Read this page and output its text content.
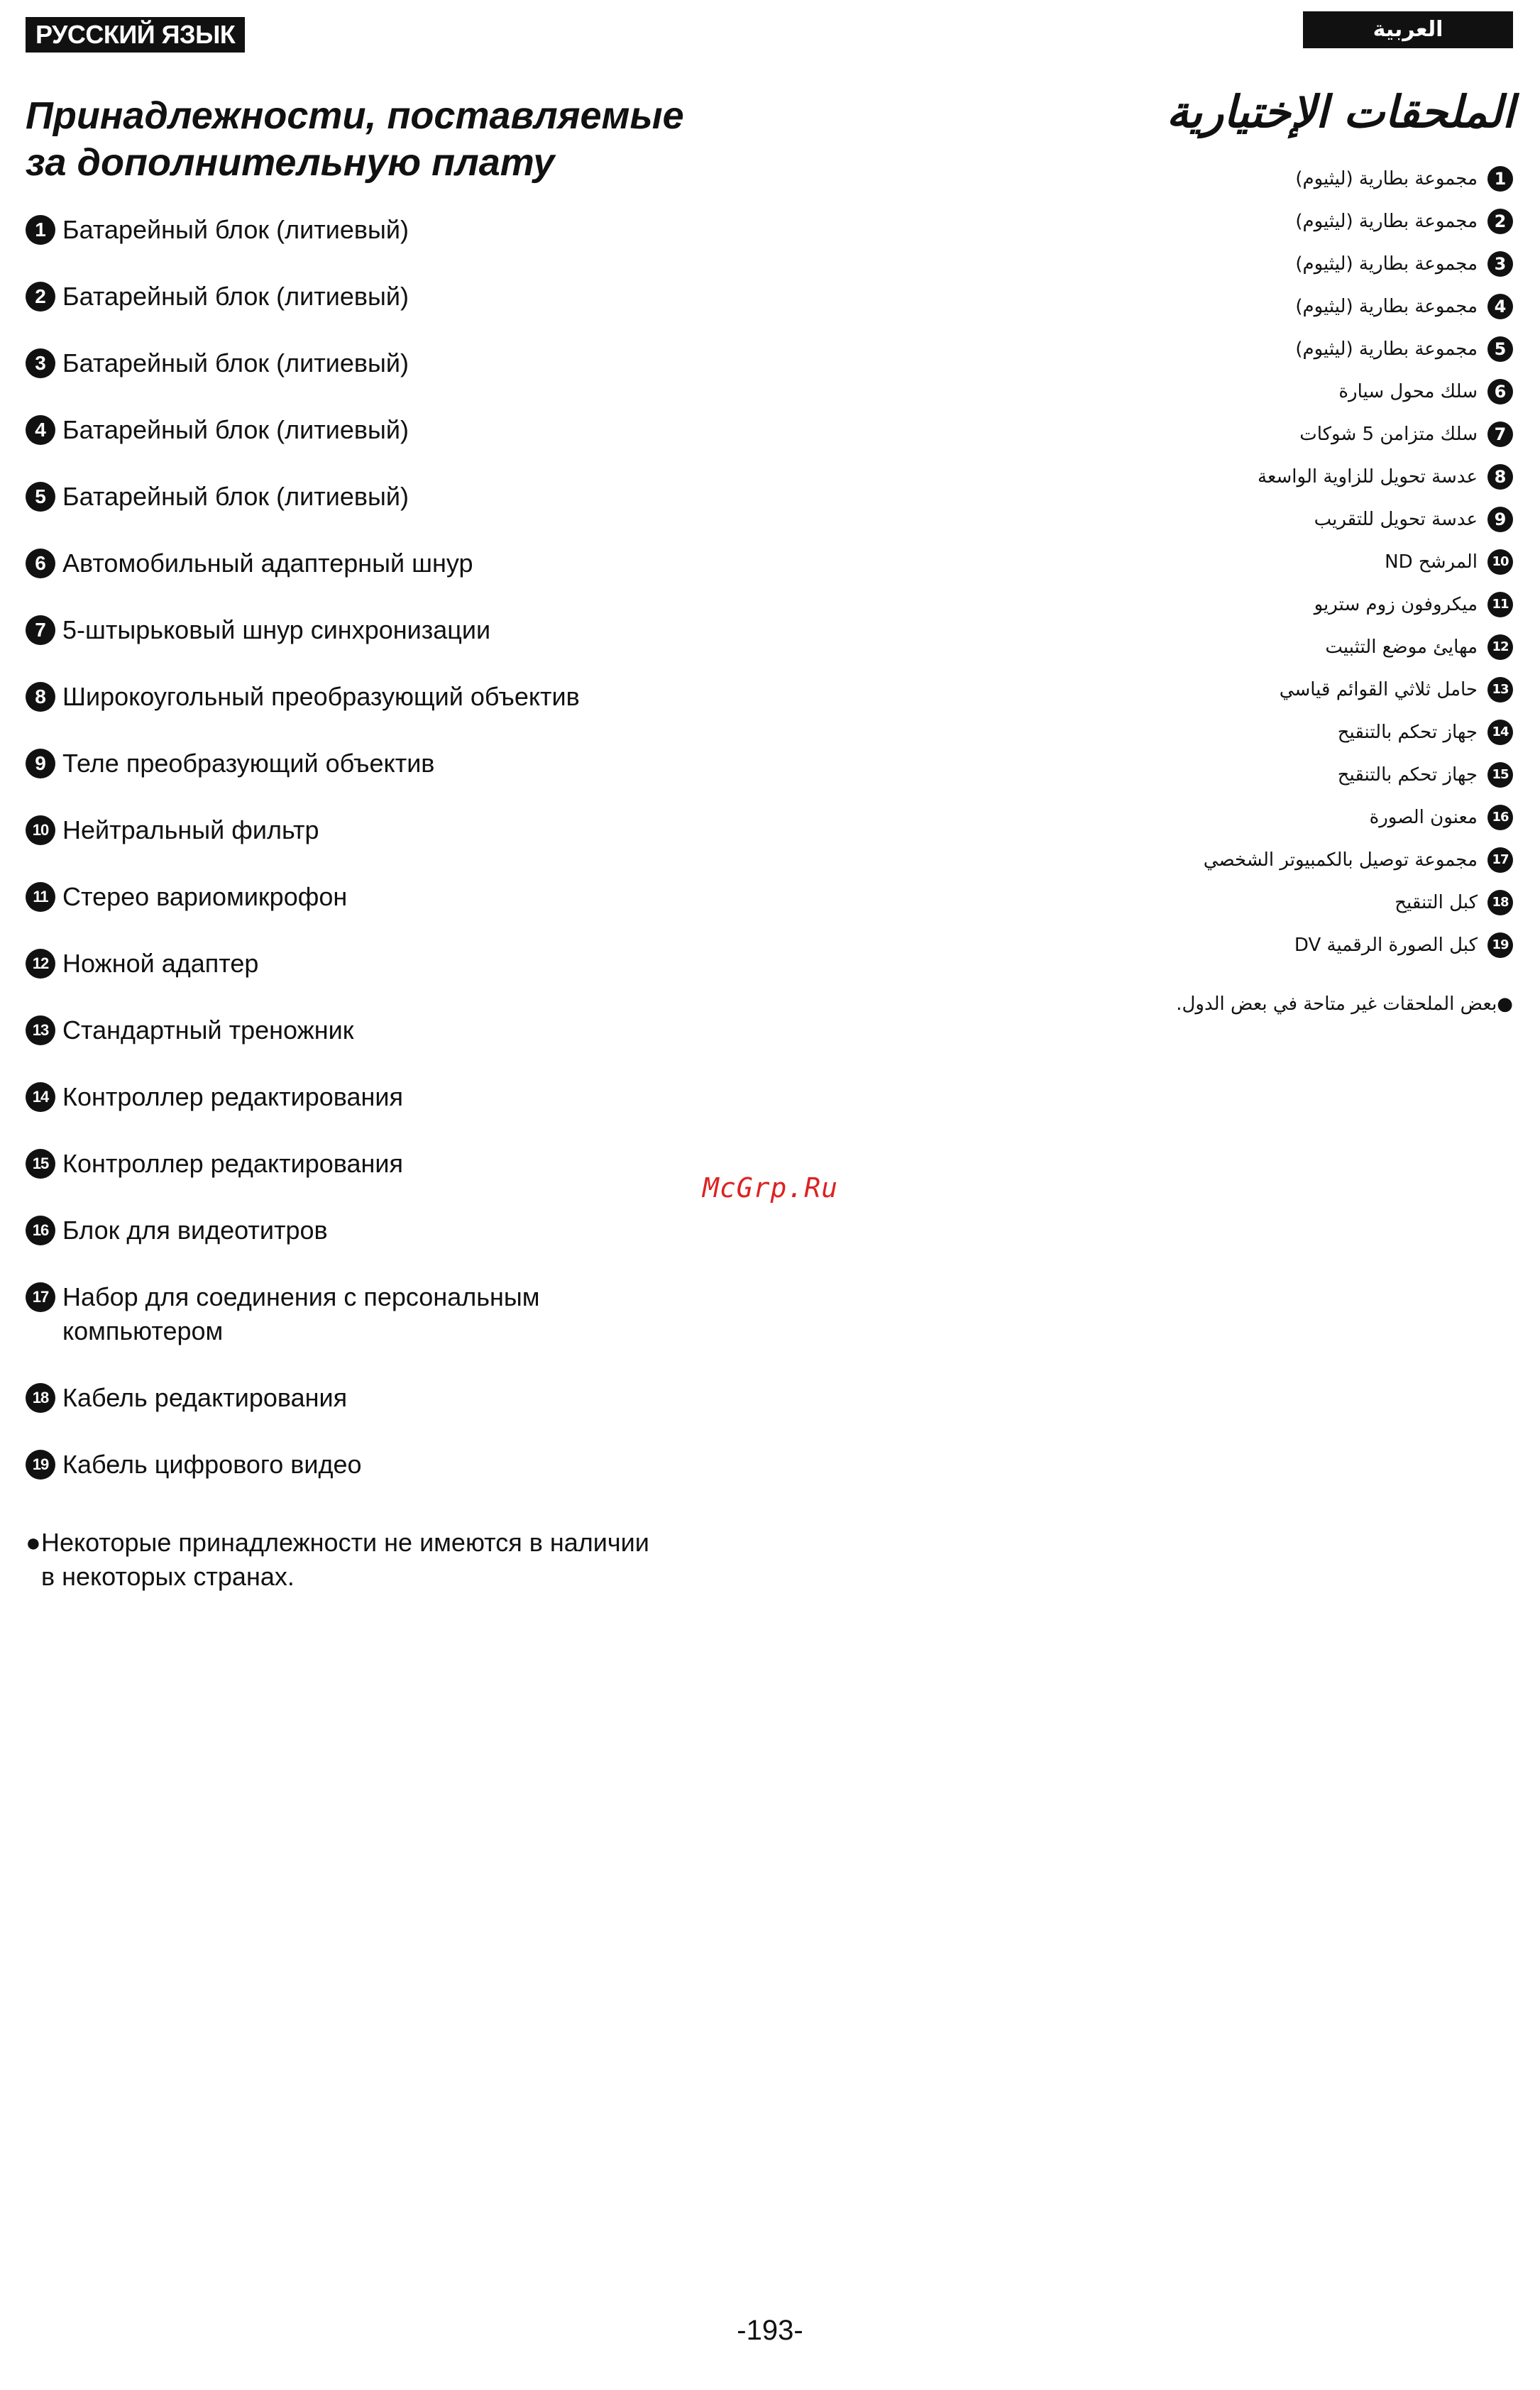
РУССКИЙ ЯЗЫК	العربية
Принадлежности, поставляемые
за дополнительную плату
1 Батарейный блок (литиевый)
2 Батарейный блок (литиевый)
3 Батарейный блок (литиевый)
4 Батарейный блок (литиевый)
5 Батарейный блок (литиевый)
6 Автомобильный адаптерный шнур
7 5-штырьковый шнур синхронизации
8 Широкоугольный преобразующий объектив
9 Теле преобразующий объектив
10 Нейтральный фильтр
11 Стерео вариомикрофон
12 Ножной адаптер
13 Стандартный треножник
14 Контроллер редактирования
15 Контроллер редактирования
16 Блок для видеотитров
17 Набор для соединения с персональным
компьютером
18 Кабель редактирования
19 Кабель цифрового видео
●Некоторые принадлежности не имеются в наличии
в некоторых странах.
الملحقات الإختيارية
1
مجموعة بطارية (ليثيوم)
2
مجموعة بطارية (ليثيوم)
3
مجموعة بطارية (ليثيوم)
4
مجموعة بطارية (ليثيوم)
5
مجموعة بطارية (ليثيوم)
6
سلك محول سيارة
7
سلك متزامن 5 شوكات
8
عدسة تحويل للزاوية الواسعة
9
عدسة تحويل للتقريب
10
المرشح ND
11
ميكروفون زوم ستريو
12
مهايئ موضع التثبيت
13
حامل ثلاثي القوائم قياسي
14
جهاز تحكم بالتنقيح
15
جهاز تحكم بالتنقيح
16
معنون الصورة
17
مجموعة توصيل بالكمبيوتر الشخصي
18
كبل التنقيح
19
كبل الصورة الرقمية DV
●بعض الملحقات غير متاحة في بعض الدول.
McGrp.Ru
-193-
